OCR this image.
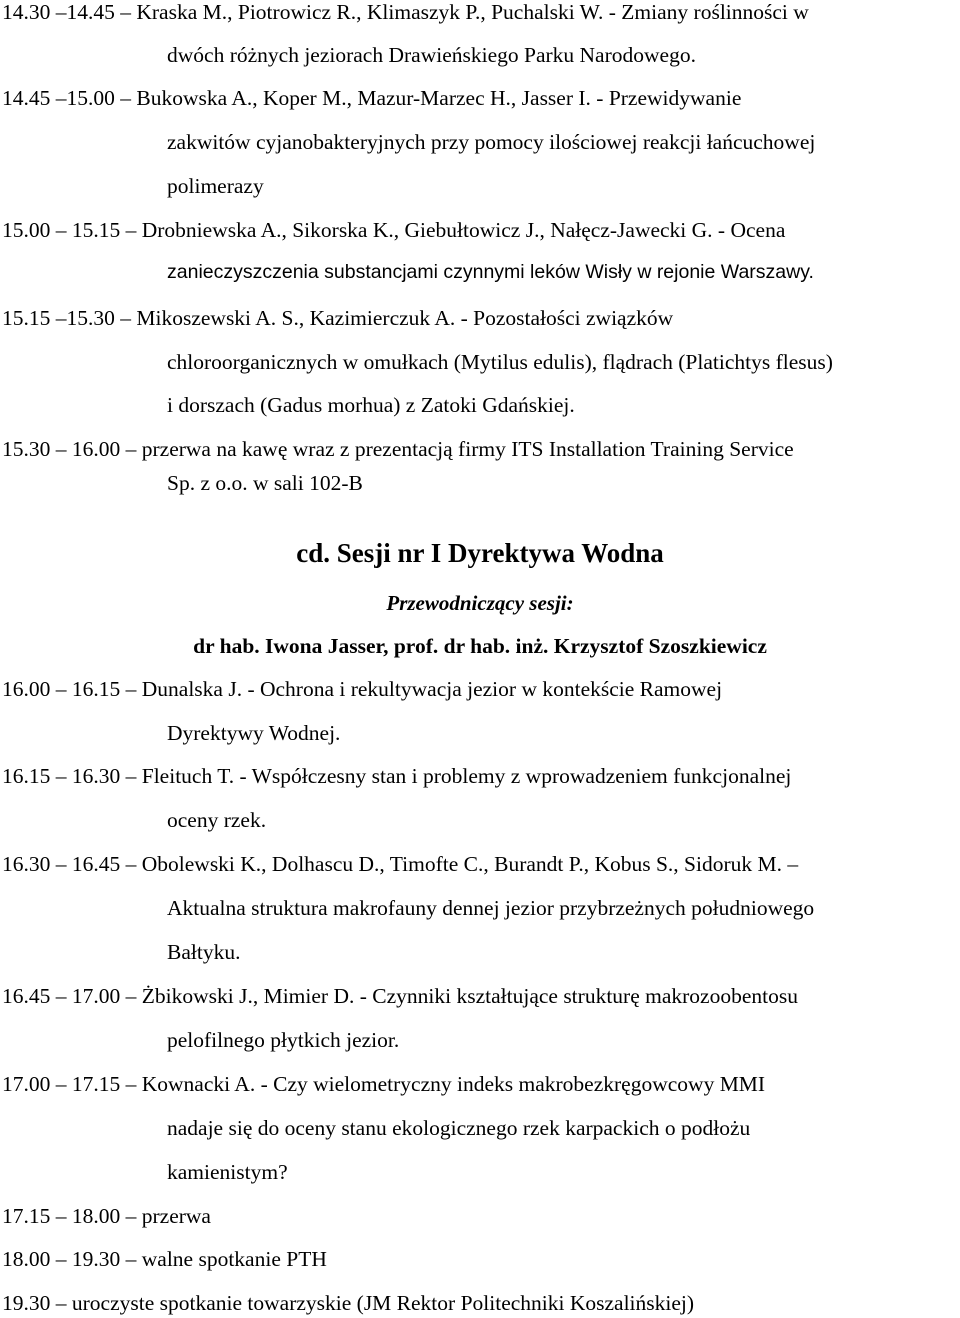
14.30 –14.45 – Kraska M., Piotrowicz R., Klimaszyk P., Puchalski W. - Zmiany roślinności w
dwóch różnych jeziorach Drawieńskiego Parku Narodowego.
14.45 –15.00 – Bukowska A., Koper M., Mazur-Marzec H., Jasser I. - Przewidywanie
zakwitów cyjanobakteryjnych przy pomocy ilościowej reakcji łańcuchowej
polimerazy
15.00 – 15.15 – Drobniewska A., Sikorska K., Giebułtowicz J., Nałęcz-Jawecki G. - Ocena
zanieczyszczenia substancjami czynnymi leków Wisły w rejonie Warszawy.
15.15 –15.30 – Mikoszewski A. S., Kazimierczuk A. - Pozostałości związków
chloroorganicznych w omułkach (Mytilus edulis), flądrach (Platichtys flesus)
i dorszach (Gadus morhua) z Zatoki Gdańskiej.
15.30 – 16.00 – przerwa na kawę wraz z prezentacją firmy ITS Installation Training Service
Sp. z o.o. w sali 102-B
cd. Sesji nr I Dyrektywa Wodna
Przewodniczący sesji:
dr hab. Iwona Jasser, prof. dr hab. inż. Krzysztof Szoszkiewicz
16.00 – 16.15 – Dunalska J. - Ochrona i rekultywacja jezior w kontekście Ramowej
Dyrektywy Wodnej.
16.15 – 16.30 – Fleituch T. - Współczesny stan i problemy z wprowadzeniem funkcjonalnej
oceny rzek.
16.30 – 16.45 – Obolewski K., Dolhascu D., Timofte C., Burandt P., Kobus S., Sidoruk M. –
Aktualna struktura makrofauny dennej jezior przybrzeżnych południowego
Bałtyku.
16.45 – 17.00 – Żbikowski J., Mimier D. - Czynniki kształtujące strukturę makrozoobentosu
pelofilnego płytkich jezior.
17.00 – 17.15 – Kownacki A. - Czy wielometryczny indeks makrobezkręgowcowy MMI
nadaje się do oceny stanu ekologicznego rzek karpackich o podłożu
kamienistym?
17.15 – 18.00 – przerwa
18.00 – 19.30 – walne spotkanie PTH
19.30 – uroczyste spotkanie towarzyskie (JM Rektor Politechniki Koszalińskiej)
